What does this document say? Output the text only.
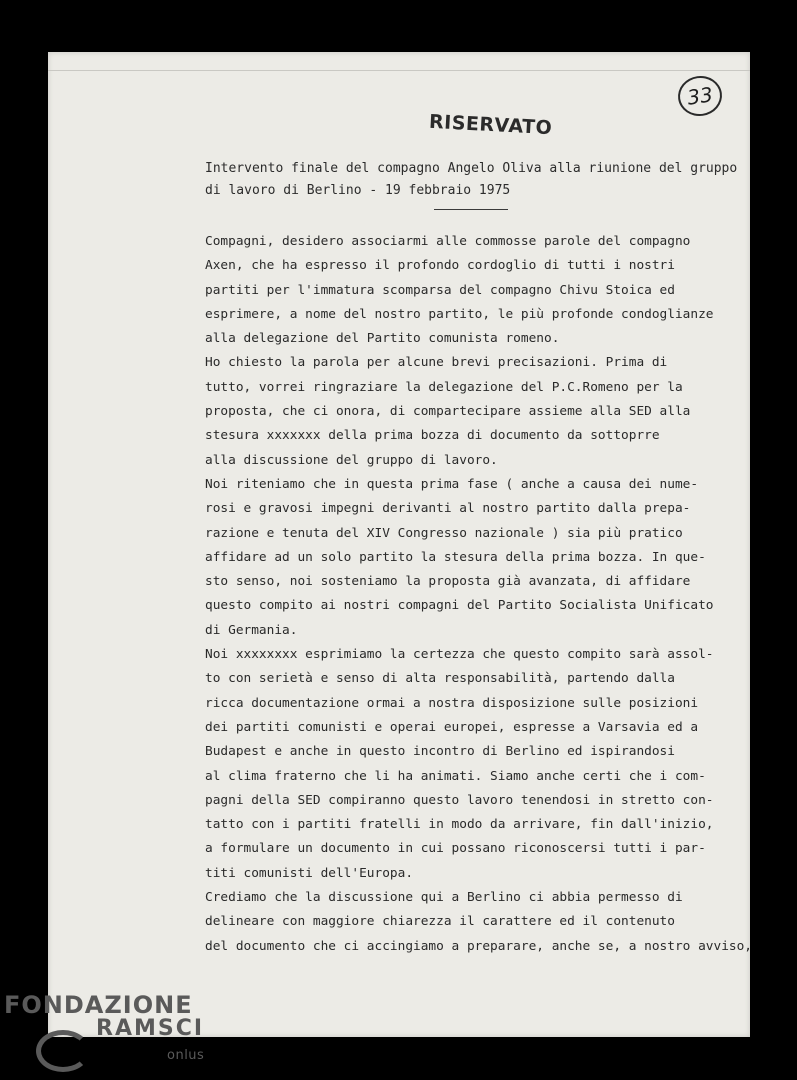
33
RISERVATO
Intervento finale del compagno Angelo Oliva alla riunione del gruppo
di lavoro di Berlino - 19 febbraio 1975
Compagni, desidero associarmi alle commosse parole del compagno
Axen, che ha espresso il profondo cordoglio di tutti i nostri
partiti per l'immatura scomparsa del compagno Chivu Stoica ed
esprimere, a nome del nostro partito, le più profonde condoglianze
alla delegazione del Partito comunista romeno.
Ho chiesto la parola per alcune brevi precisazioni. Prima di
tutto, vorrei ringraziare la delegazione del P.C.Romeno per la
proposta, che ci onora, di compartecipare assieme alla SED alla
stesura xxxxxxx della prima bozza di documento da sottoprre
alla discussione del gruppo di lavoro.
Noi riteniamo che in questa prima fase ( anche a causa dei nume-
rosi e gravosi impegni derivanti al nostro partito dalla prepa-
razione e tenuta del XIV Congresso nazionale ) sia più pratico
affidare ad un solo partito la stesura della prima bozza. In que-
sto senso, noi sosteniamo la proposta già avanzata, di affidare
questo compito ai nostri compagni del Partito Socialista Unificato
di Germania.
Noi xxxxxxxx esprimiamo la certezza che questo compito sarà assol-
to con serietà e senso di alta responsabilità, partendo dalla
ricca documentazione ormai a nostra disposizione sulle posizioni
dei partiti comunisti e operai europei, espresse a Varsavia ed a
Budapest e anche in questo incontro di Berlino ed ispirandosi
al clima fraterno che li ha animati. Siamo anche certi che i com-
pagni della SED compiranno questo lavoro tenendosi in stretto con-
tatto con i partiti fratelli in modo da arrivare, fin dall'inizio,
a formulare un documento in cui possano riconoscersi tutti i par-
titi comunisti dell'Europa.
Crediamo che la discussione qui a Berlino ci abbia permesso di
delineare con maggiore chiarezza il carattere ed il contenuto
del documento che ci accingiamo a preparare, anche se, a nostro avviso,
FONDAZIONE
RAMSCI
onlus
